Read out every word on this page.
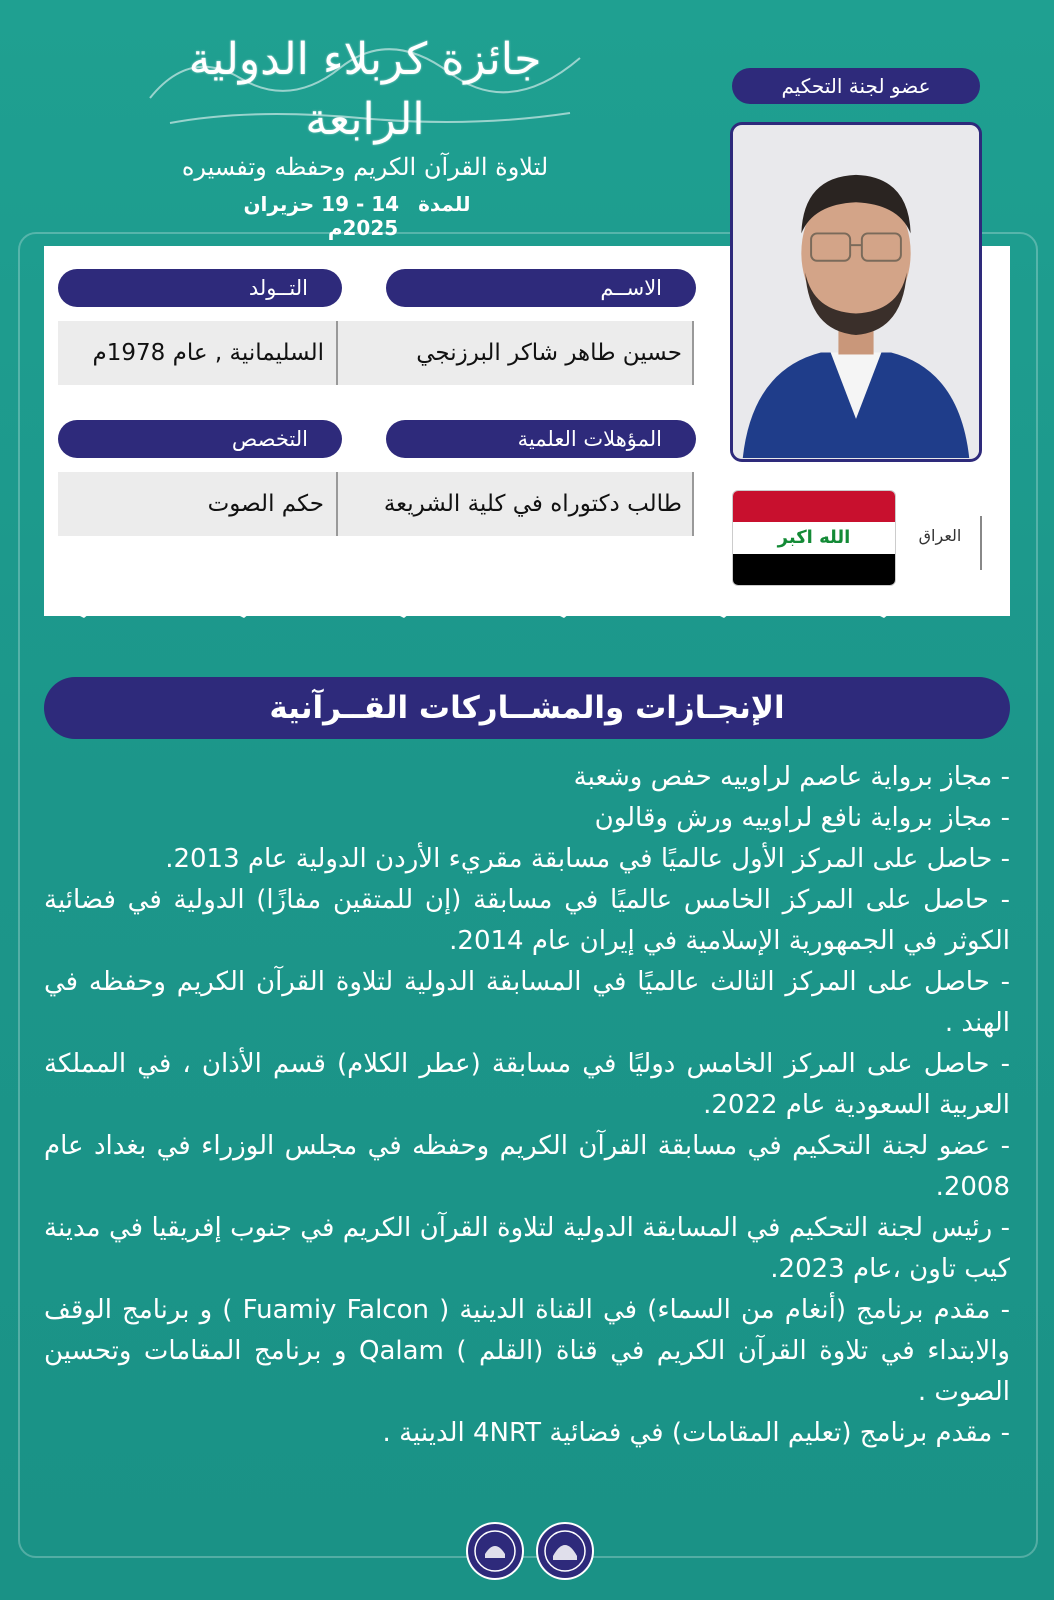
جائزة كربلاء الدولية الرابعة
لتلاوة القرآن الكريم وحفظه وتفسيره
للمدة 14 - 19 حزيران 2025م
الاســم
التــولد
حسين طاهر شاكر البرزنجي
السليمانية , عام 1978م
المؤهلات العلمية
التخصص
طالب دكتوراه في كلية الشريعة
حكم الصوت
عضو لجنة التحكيم
الله اكبر	العراق
الإنجـازات والمشــاركات القــرآنية
- مجاز برواية عاصم لراوييه حفص وشعبة
- مجاز برواية نافع لراوييه ورش وقالون
- حاصل على المركز الأول عالميًا في مسابقة مقريء الأردن الدولية عام 2013.
- حاصل على المركز الخامس عالميًا في مسابقة (إن للمتقين مفازًا) الدولية في فضائية الكوثر في الجمهورية الإسلامية في إيران عام 2014.
- حاصل على المركز الثالث عالميًا في المسابقة الدولية لتلاوة القرآن الكريم وحفظه في الهند .
- حاصل على المركز الخامس دوليًا في مسابقة (عطر الكلام) قسم الأذان ، في المملكة العربية السعودية عام 2022.
- عضو لجنة التحكيم في مسابقة القرآن الكريم وحفظه في مجلس الوزراء في بغداد عام 2008.
- رئيس لجنة التحكيم في المسابقة الدولية لتلاوة القرآن الكريم في جنوب إفريقيا في مدينة كيب تاون ،عام 2023.
- مقدم برنامج (أنغام من السماء) في القناة الدينية ( Fuamiy Falcon ) و برنامج الوقف والابتداء في تلاوة القرآن الكريم في قناة (القلم ) Qalam و برنامج المقامات وتحسين الصوت .
- مقدم برنامج (تعليم المقامات) في فضائية 4NRT الدينية .
